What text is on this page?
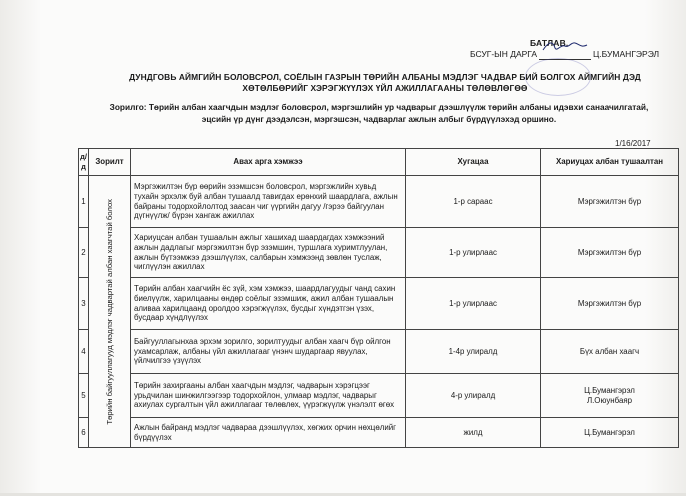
БАТЛАВ.
БСУГ-ЫН ДАРГА	Ц.БУМАНГЭРЭЛ
ДУНДГОВЬ АЙМГИЙН БОЛОВСРОЛ, СОЁЛЫН ГАЗРЫН ТӨРИЙН АЛБАНЫ МЭДЛЭГ ЧАДВАР БИЙ БОЛГОХ АЙМГИЙН ДЭД
ХӨТӨЛБӨРИЙГ ХЭРЭГЖҮҮЛЭХ ҮЙЛ АЖИЛЛАГААНЫ ТӨЛӨВЛӨГӨӨ
Зорилго: Төрийн албан хаагчдын мэдлэг боловсрол, мэргэшлийн ур чадварыг дээшлүүлж төрийн албаны идэвхи санаачилгатай,
эцсийн үр дүнг дээдэлсэн, мэргэшсэн, чадварлаг ажлын албыг бүрдүүлэхэд оршино.
1/16/2017
д/д	Зорилт	Авах арга хэмжээ	Хугацаа	Хариуцах албан тушаалтан
1	Төрийн байгууллагууд мэдлэг чадвартай албан хаагчтай болох	Мэргэжилтэн бүр өөрийн эзэмшсэн боловсрол, мэргэжлийн хувьд тухайн эрхэлж буй албан тушаалд тавигдах ерөнхий шаардлага, ажлын байраны тодорхойлолтод заасан чиг үүргийн дагуу /гэрээ байгуулан дүгнүүлж/ бүрэн хангаж ажиллах	1-р сараас	Мэргэжилтэн бүр
2		Хариуцсан албан тушаалын ажлыг хашихад шаардагдах хэмжээний ажлын дадлагыг мэргэжилтэн бүр эзэмшин, туршлага хуримтлуулан, ажлын бүтээмжээ дээшлүүлэх, салбарын хэмжээнд зөвлөн туслаж, чиглүүлэн ажиллах	1-р улирлаас	Мэргэжилтэн бүр
3		Төрийн албан хаагчийн ёс зүй, хэм хэмжээ, шаардлагуудыг чанд сахин биелүүлж, харилцааны өндөр соёлыг эзэмшиж, ажил албан тушаалын аливаа харилцаанд оролдоо хэрэгжүүлэх, бусдыг хүндэтгэн үзэх, бусдаар хүндлүүлэх	1-р улирлаас	Мэргэжилтэн бүр
4		Байгууллагынхаа эрхэм зорилго, зорилтуудыг албан хаагч бүр ойлгон ухамсарлаж, албаны үйл ажиллагааг үнэнч шударгаар явуулах, үйлчилгээ үзүүлэх	1-4р улиралд	Бүх албан хаагч
5		Төрийн захиргааны албан хаагчдын мэдлэг, чадварын хэрэгцээг урьдчилан шинжилгээгээр тодорхойлон, улмаар мэдлэг, чадварыг ахиулах сургалтын үйл ажиллагааг төлөвлөх, үүрэгжүүлж үнэлэлт өгөх	4-р улиралд	Ц.Бумангэрэл
Л.Оюунбаяр
6		Ажлын байранд мэдлэг чадвараа дээшлүүлэх, хөгжих орчин нөхцөлийг бүрдүүлэх	жилд	Ц.Бумангэрэл
